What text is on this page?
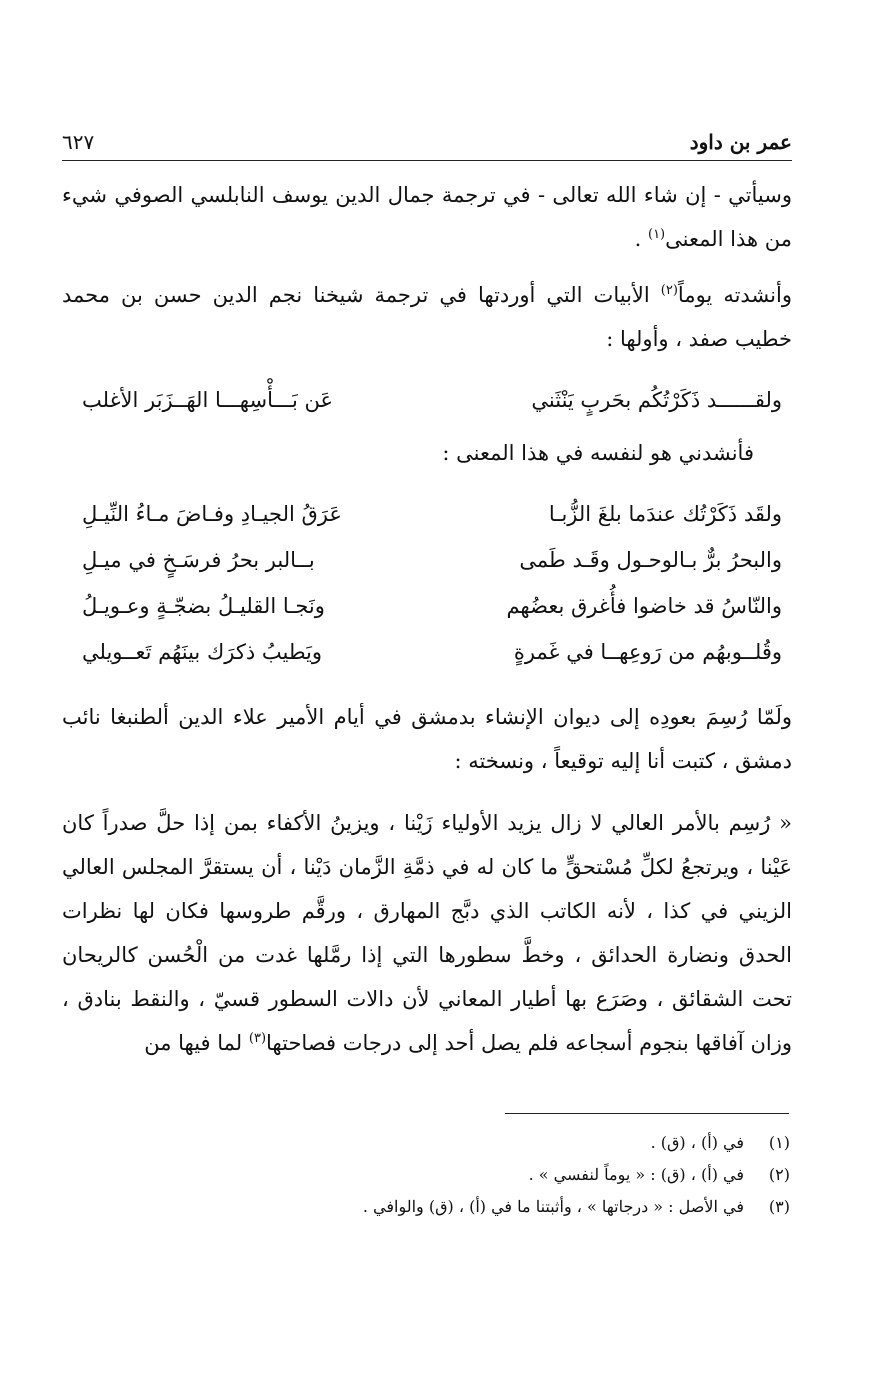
عمر بن داود
٦٢٧

وسيأتي - إن شاء الله تعالى - في ترجمة جمال الدين يوسف النابلسي الصوفي شيء من هذا المعنى$^{(١)}$ .

وأنشدته يوماً$^{(٢)}$ الأبيات التي أوردتها في ترجمة شيخنا نجم الدين حسن بن محمد خطيب صفد ، وأولها :

ولقــــــد ذَكَرْتُكُم بحَربٍ يَنْثَني
عَن بَـــأْسِهـــا الهَــزَبَر الأغلب
فأنشدني هو لنفسه في هذا المعنى :
ولقَد ذَكَرْتُك عندَما بلغَ الزُّبـا
عَرَقُ الجيـادِ وفـاضَ مـاءُ النِّيـلِ
والبحرُ برٌّ بـالوحـول وقَـد طَمى
بــالبر بحرُ فرسَـخٍ في ميـلِ
والنّاسُ قد خاضوا فأُغرق بعضُهم
ونَجـا القليـلُ بضجّـةٍ وعـويـلُ
وقُلــوبهُم من رَوعِهــا في غَمرةٍ
ويَطيبُ ذكرَك بينَهُم تَعــويلي

ولَمّا رُسِمَ بعودِه إلى ديوان الإنشاء بدمشق في أيام الأمير علاء الدين ألطنبغا نائب دمشق ، كتبت أنا إليه توقيعاً ، ونسخته :

« رُسِم بالأمر العالي لا زال يزيد الأولياء زَيْنا ، ويزينُ الأكفاء بمن إذا حلَّ صدراً كان عَيْنا ، ويرتجعُ لكلِّ مُسْتحقٍّ ما كان له في ذمَّةِ الزَّمان دَيْنا ، أن يستقرَّ المجلس العالي الزيني في كذا ، لأنه الكاتب الذي دبَّج المهارق ، ورقَّم طروسها فكان لها نظرات الحدق ونضارة الحدائق ، وخطَّ سطورها التي إذا رمَّلها غدت من الْحُسن كالريحان تحت الشقائق ، وصَرَع بها أطيار المعاني لأن دالات السطور قسيّ ، والنقط بنادق ، وزان آفاقها بنجوم أسجاعه فلم يصل أحد إلى درجات فصاحتها$^{(٣)}$ لما فيها من

(١)
في (أ) ، (ق) .
(٢)
في (أ) ، (ق) : « يوماً لنفسي » .
(٣)
في الأصل : « درجاتها » ، وأثبتنا ما في (أ) ، (ق) والوافي .
